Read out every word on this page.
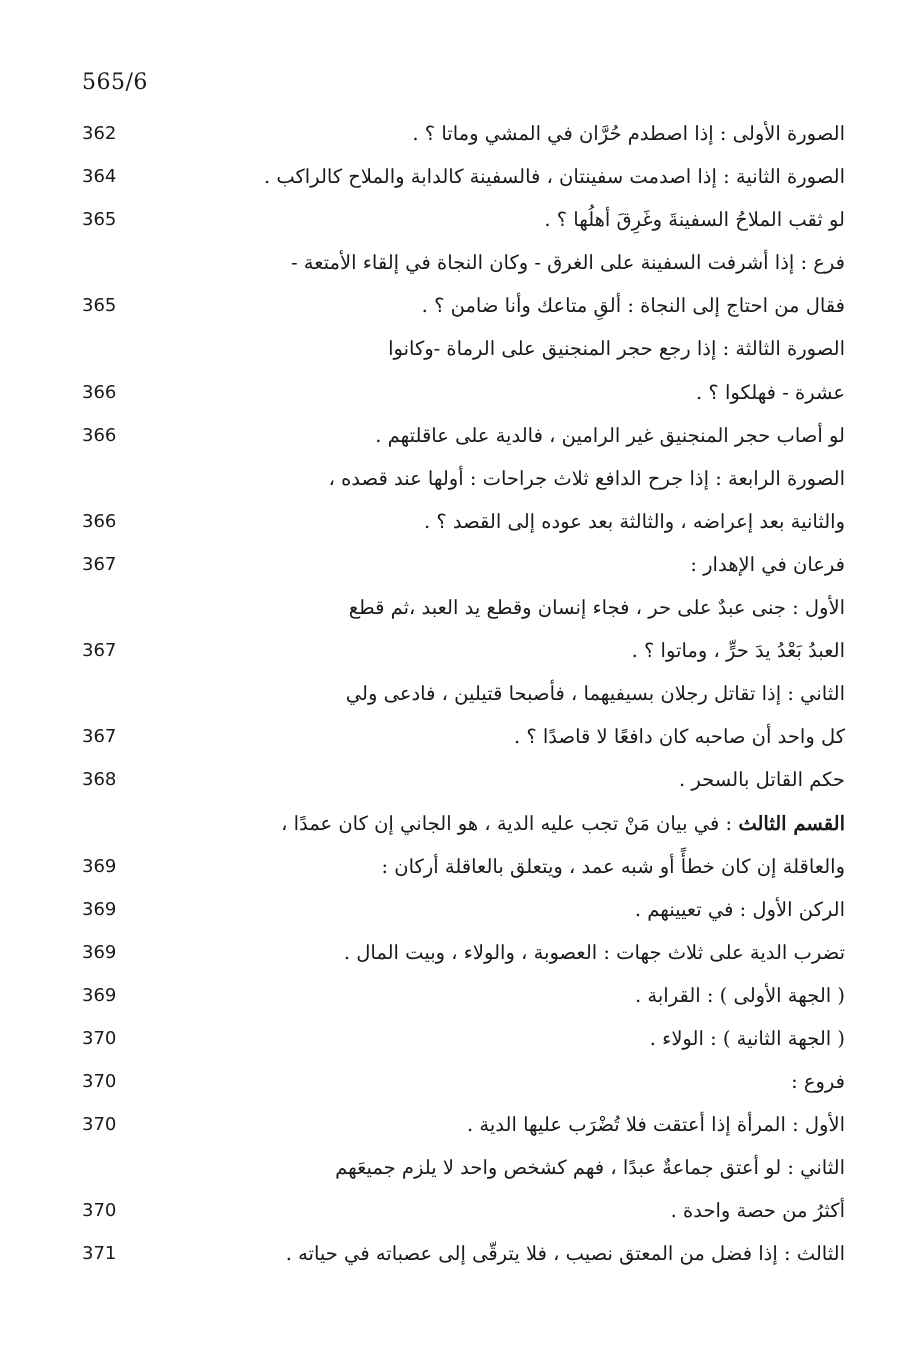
565/6
الصورة الأولى : إذا اصطدم حُرَّان في المشي وماتا ؟ .
362
الصورة الثانية : إذا اصدمت سفينتان ، فالسفينة كالدابة والملاح كالراكب .
364
لو ثقب الملاحُ السفينةَ وغَرِقَ أهلُها ؟ .
365
فرع : إذا أشرفت السفينة على الغرق - وكان النجاة في إلقاء الأمتعة -
فقال من احتاج إلى النجاة : ألقِ متاعك وأنا ضامن ؟ .
365
الصورة الثالثة : إذا رجع حجر المنجنيق على الرماة -وكانوا
عشرة - فهلكوا ؟ .
366
لو أصاب حجر المنجنيق غير الرامين ، فالدية على عاقلتهم .
366
الصورة الرابعة : إذا جرح الدافع ثلاث جراحات : أولها عند قصده ،
والثانية بعد إعراضه ، والثالثة بعد عوده إلى القصد ؟ .
366
فرعان في الإهدار :
367
الأول : جنى عبدٌ على حر ، فجاء إنسان وقطع يد العبد ،ثم قطع
العبدُ بَعْدُ يدَ حرٍّ ، وماتوا ؟ .
367
الثاني : إذا تقاتل رجلان بسيفيهما ، فأصبحا قتيلين ، فادعى ولي
كل واحد أن صاحبه كان دافعًا لا قاصدًا ؟ .
367
حكم القاتل بالسحر .
368
القسم الثالث : في بيان مَنْ تجب عليه الدية ، هو الجاني إن كان عمدًا ،
والعاقلة إن كان خطأً أو شبه عمد ، ويتعلق بالعاقلة أركان :
369
الركن الأول : في تعيينهم .
369
تضرب الدية على ثلاث جهات : العصوبة ، والولاء ، وبيت المال .
369
( الجهة الأولى ) : القرابة .
369
( الجهة الثانية ) : الولاء .
370
فروع :
370
الأول : المرأة إذا أعتقت فلا تُضْرَب عليها الدية .
370
الثاني : لو أعتق جماعةٌ عبدًا ، فهم كشخص واحد لا يلزم جميعَهم
أكثرُ من حصة واحدة .
370
الثالث : إذا فضل من المعتق نصيب ، فلا يترقّى إلى عصباته في حياته .
371
